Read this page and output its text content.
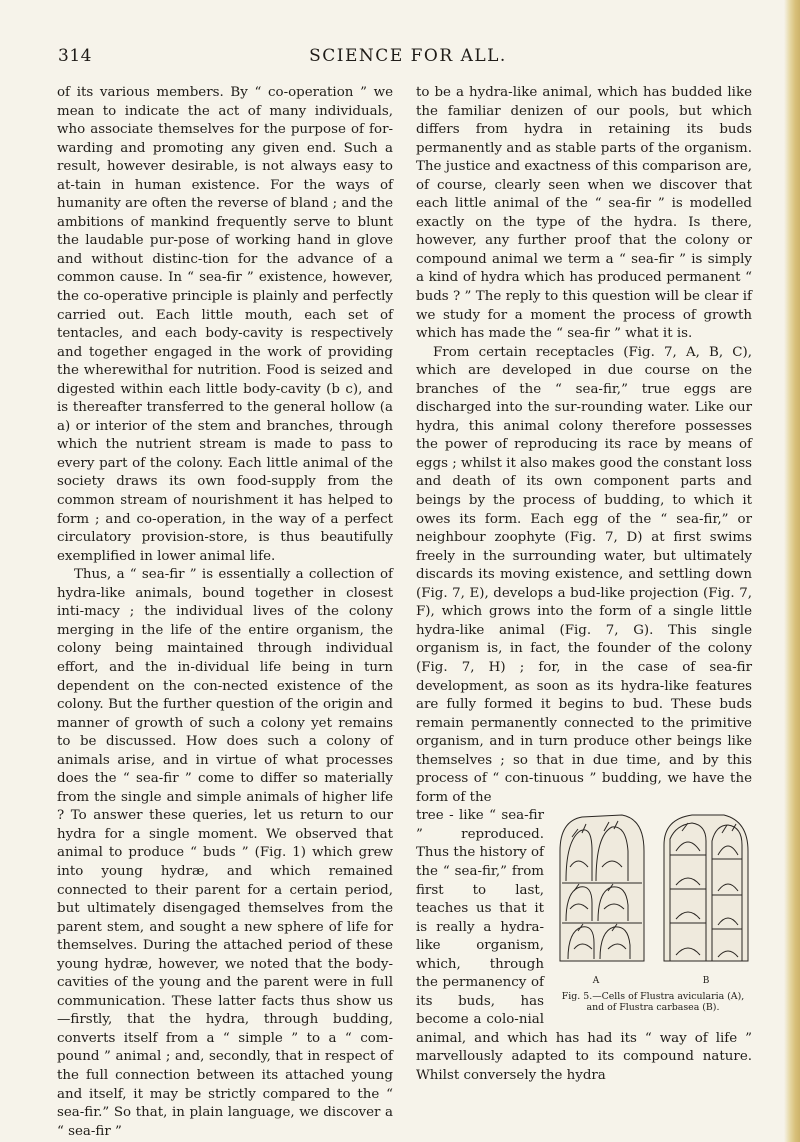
314	SCIENCE FOR ALL.

of its various members. By “ co-operation ” we mean to indicate the act of many individuals, who associate themselves for the purpose of for-warding and promoting any given end. Such a result, however desirable, is not always easy to at-tain in human existence. For the ways of humanity are often the reverse of bland ; and the ambitions of mankind frequently serve to blunt the laudable pur-pose of working hand in glove and without distinc-tion for the advance of a common cause. In “ sea-fir ” existence, however, the co-operative principle is plainly and perfectly carried out. Each little mouth, each set of tentacles, and each body-cavity is respectively and together engaged in the work of providing the wherewithal for nutrition. Food is seized and digested within each little body-cavity (b c), and is thereafter transferred to the general hollow (a a) or interior of the stem and branches, through which the nutrient stream is made to pass to every part of the colony. Each little animal of the society draws its own food-supply from the common stream of nourishment it has helped to form ; and co-operation, in the way of a perfect circulatory provision-store, is thus beautifully exemplified in lower animal life.

Thus, a “ sea-fir ” is essentially a collection of hydra-like animals, bound together in closest inti-macy ; the individual lives of the colony merging in the life of the entire organism, the colony being maintained through individual effort, and the in-dividual life being in turn dependent on the con-nected existence of the colony. But the further question of the origin and manner of growth of such a colony yet remains to be discussed. How does such a colony of animals arise, and in virtue of what processes does the “ sea-fir ” come to differ so materially from the single and simple animals of higher life ? To answer these queries, let us return to our hydra for a single moment. We observed that animal to produce “ buds ” (Fig. 1) which grew into young hydræ, and which remained connected to their parent for a certain period, but ultimately disengaged themselves from the parent stem, and sought a new sphere of life for themselves. During the attached period of these young hydræ, however, we noted that the body-cavities of the young and the parent were in full communication. These latter facts thus show us—firstly, that the hydra, through budding, converts itself from a “ simple ” to a “ com-pound ” animal ; and, secondly, that in respect of the full connection between its attached young and itself, it may be strictly compared to the “ sea-fir.” So that, in plain language, we discover a “ sea-fir ”

to be a hydra-like animal, which has budded like the familiar denizen of our pools, but which differs from hydra in retaining its buds permanently and as stable parts of the organism. The justice and exactness of this comparison are, of course, clearly seen when we discover that each little animal of the “ sea-fir ” is modelled exactly on the type of the hydra. Is there, however, any further proof that the colony or compound animal we term a “ sea-fir ” is simply a kind of hydra which has produced permanent “ buds ? ” The reply to this question will be clear if we study for a moment the process of growth which has made the “ sea-fir ” what it is.

From certain receptacles (Fig. 7, A, B, C), which are developed in due course on the branches of the “ sea-fir,” true eggs are discharged into the sur-rounding water. Like our hydra, this animal colony therefore possesses the power of reproducing its race by means of eggs ; whilst it also makes good the constant loss and death of its own component parts and beings by the process of budding, to which it owes its form. Each egg of the “ sea-fir,” or neighbour zoophyte (Fig. 7, D) at first swims freely in the surrounding water, but ultimately discards its moving existence, and settling down (Fig. 7, E), develops a bud-like projection (Fig. 7, F), which grows into the form of a single little hydra-like animal (Fig. 7, G). This single organism is, in fact, the founder of the colony (Fig. 7, H) ; for, in the case of sea-fir development, as soon as its hydra-like features are fully formed it begins to bud. These buds remain permanently connected to the primitive organism, and in turn produce other beings like themselves ; so that in due time, and by this process of “ con-tinuous ” budding, we have the form of the

A	B
Fig. 5.—Cells of Flustra avicularia (A), and of Flustra carbasea (B).

tree - like “ sea-fir ” reproduced. Thus the history of the “ sea-fir,” from first to last, teaches us that it is really a hydra-like organism, which, through the permanency of its buds, has become a colo-nial animal, and which has had its “ way of life ” marvellously adapted to its compound nature. Whilst conversely the hydra
